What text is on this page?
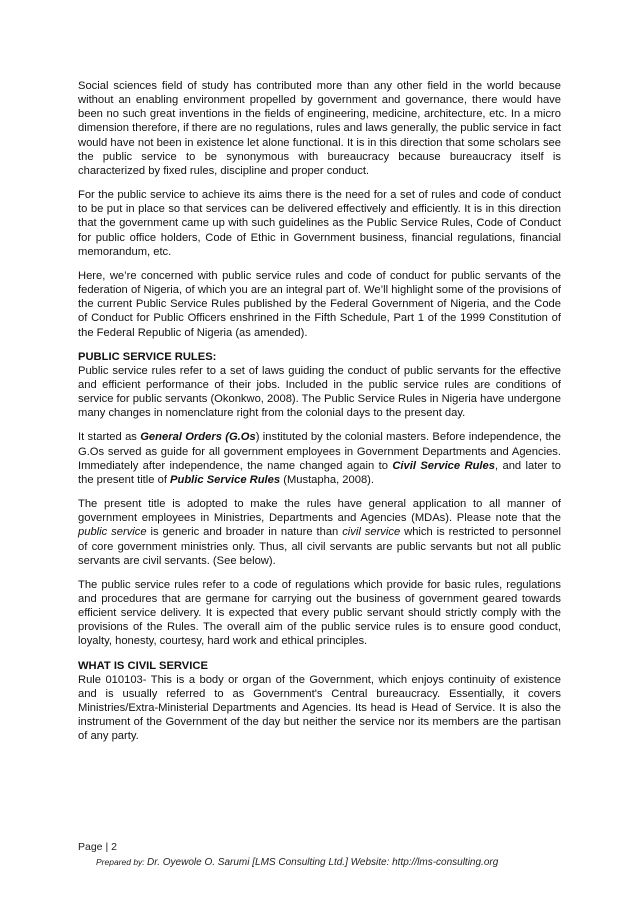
Social sciences field of study has contributed more than any other field in the world because without an enabling environment propelled by government and governance, there would have been no such great inventions in the fields of engineering, medicine, architecture, etc. In a micro dimension therefore, if there are no regulations, rules and laws generally, the public service in fact would have not been in existence let alone functional. It is in this direction that some scholars see the public service to be synonymous with bureaucracy because bureaucracy itself is characterized by fixed rules, discipline and proper conduct.

For the public service to achieve its aims there is the need for a set of rules and code of conduct to be put in place so that services can be delivered effectively and efficiently. It is in this direction that the government came up with such guidelines as the Public Service Rules, Code of Conduct for public office holders, Code of Ethic in Government business, financial regulations, financial memorandum, etc.

Here, we’re concerned with public service rules and code of conduct for public servants of the federation of Nigeria, of which you are an integral part of. We’ll highlight some of the provisions of the current Public Service Rules published by the Federal Government of Nigeria, and the Code of Conduct for Public Officers enshrined in the Fifth Schedule, Part 1 of the 1999 Constitution of the Federal Republic of Nigeria (as amended).

PUBLIC SERVICE RULES:

Public service rules refer to a set of laws guiding the conduct of public servants for the effective and efficient performance of their jobs. Included in the public service rules are conditions of service for public servants (Okonkwo, 2008). The Public Service Rules in Nigeria have undergone many changes in nomenclature right from the colonial days to the present day.

It started as General Orders (G.Os) instituted by the colonial masters. Before independence, the G.Os served as guide for all government employees in Government Departments and Agencies. Immediately after independence, the name changed again to Civil Service Rules, and later to the present title of Public Service Rules (Mustapha, 2008).

The present title is adopted to make the rules have general application to all manner of government employees in Ministries, Departments and Agencies (MDAs). Please note that the public service is generic and broader in nature than civil service which is restricted to personnel of core government ministries only. Thus, all civil servants are public servants but not all public servants are civil servants. (See below).

The public service rules refer to a code of regulations which provide for basic rules, regulations and procedures that are germane for carrying out the business of government geared towards efficient service delivery. It is expected that every public servant should strictly comply with the provisions of the Rules. The overall aim of the public service rules is to ensure good conduct, loyalty, honesty, courtesy, hard work and ethical principles.

WHAT IS CIVIL SERVICE

Rule 010103- This is a body or organ of the Government, which enjoys continuity of existence and is usually referred to as Government's Central bureaucracy. Essentially, it covers Ministries/Extra-Ministerial Departments and Agencies. Its head is Head of Service. It is also the instrument of the Government of the day but neither the service nor its members are the partisan of any party.

Page | 2
Prepared by: Dr. Oyewole O. Sarumi [LMS Consulting Ltd.] Website: http://lms-consulting.org
